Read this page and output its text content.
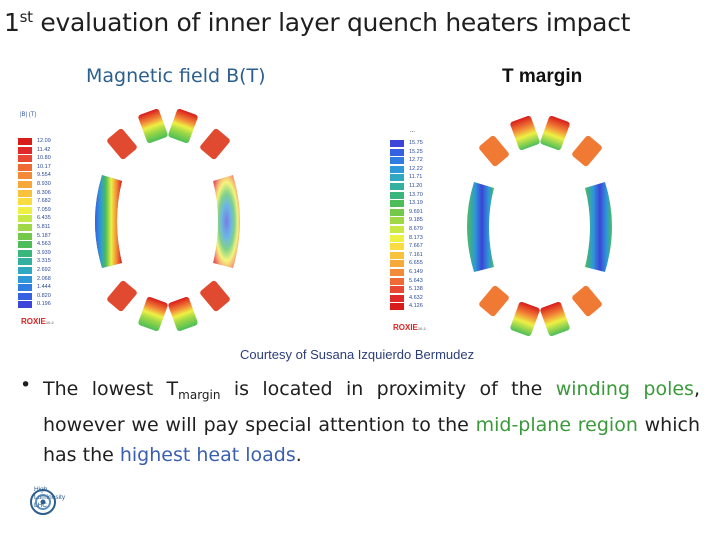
1st evaluation of inner layer quench heaters impact
Magnetic field B(T)	T margin
|B| (T)
12.09
11.42
10.80
10.17
9.554
8.930
8.306
7.682
7.059
6.435
5.811
5.187
4.563
3.939
3.315
2.692
2.068
1.444
0.820
0.196
ROXIE10.2
...
15.75
15.25
12.72
12.22
11.71
11.20
13.70
13.19
9.691
9.185
8.679
8.173
7.667
7.161
6.655
6.149
5.643
5.138
4.632
4.126
ROXIE10.2
Courtesy of Susana Izquierdo Bermudez
• The lowest $T_{margin}$ is located in proximity of the winding poles, however we will pay special attention to the mid-plane region which has the highest heat loads.
High
Luminosity
LHC
